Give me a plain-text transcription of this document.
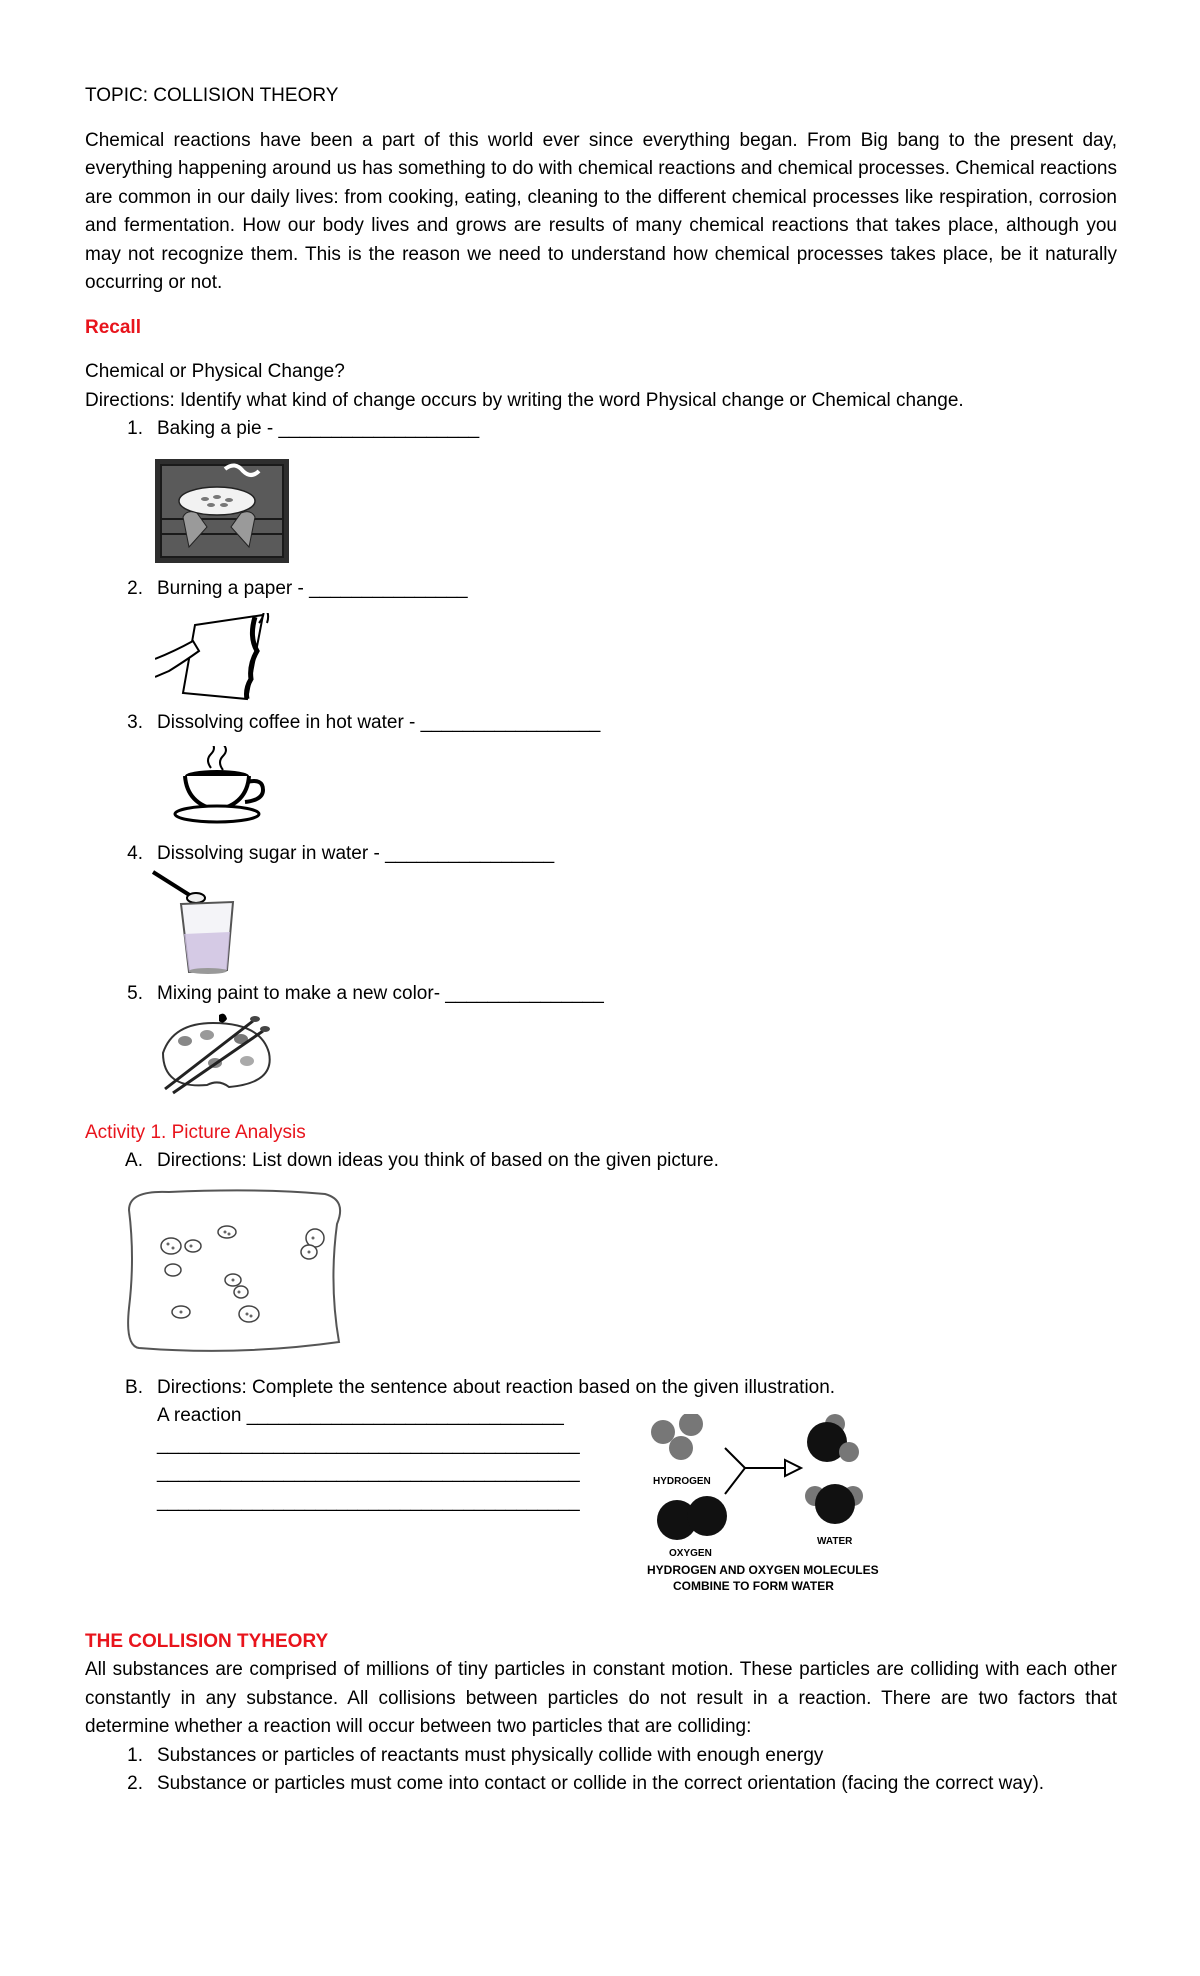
TOPIC: COLLISION THEORY

Chemical reactions have been a part of this world ever since everything began. From Big bang to the present day, everything happening around us has something to do with chemical reactions and chemical processes. Chemical reactions are common in our daily lives: from cooking, eating, cleaning to the different chemical processes like respiration, corrosion and fermentation. How our body lives and grows are results of many chemical reactions that takes place, although you may not recognize them. This is the reason we need to understand how chemical processes takes place, be it naturally occurring or not.

Recall

Chemical or Physical Change?

Directions: Identify what kind of change occurs by writing the word Physical change or Chemical change.

1. Baking a pie - ___________________
2. Burning a paper - _______________
3. Dissolving coffee in hot water - _________________
4. Dissolving sugar in water - ________________
5. Mixing paint to make a new color- _______________

Activity 1. Picture Analysis

A. Directions: List down ideas you think of based on the given picture.
B. Directions: Complete the sentence about reaction based on the given illustration.
A reaction ______________________________
________________________________________
________________________________________
________________________________________
HYDROGEN
OXYGEN
WATER
HYDROGEN AND OXYGEN MOLECULES
COMBINE TO FORM WATER

THE COLLISION TYHEORY

All substances are comprised of millions of tiny particles in constant motion. These particles are colliding with each other constantly in any substance. All collisions between particles do not result in a reaction. There are two factors that determine whether a reaction will occur between two particles that are colliding:

1. Substances or particles of reactants must physically collide with enough energy
2. Substance or particles must come into contact or collide in the correct orientation (facing the correct way).
